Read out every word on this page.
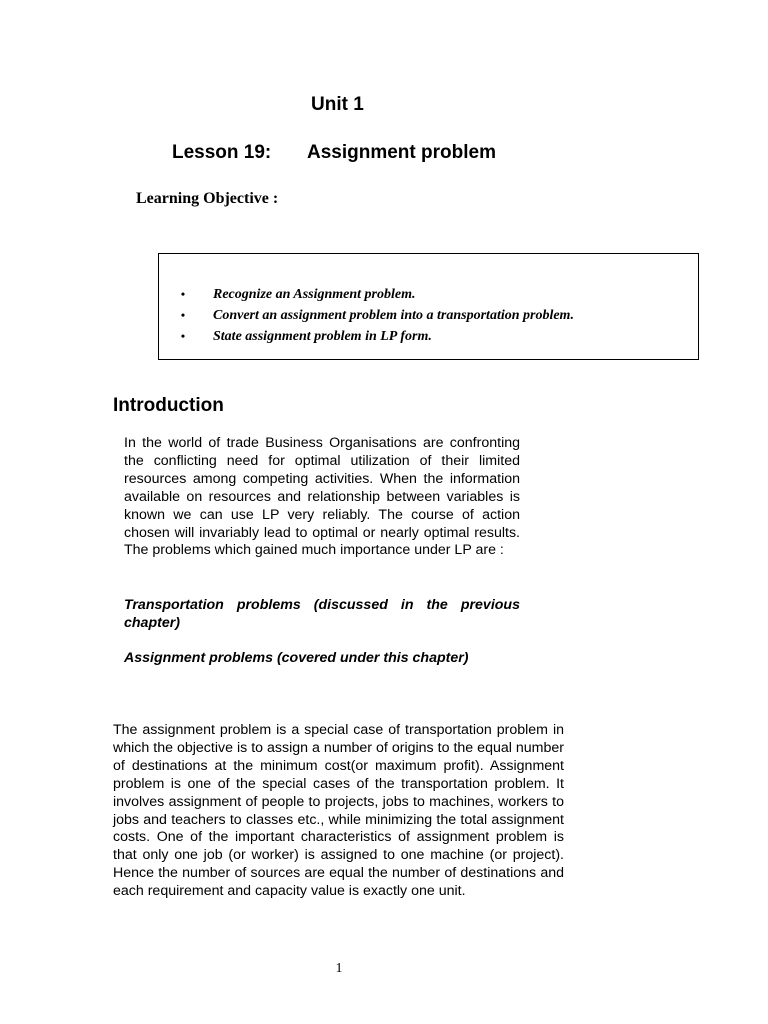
Unit 1
Lesson 19: Assignment problem
Learning Objective :
• Recognize an Assignment problem.
• Convert an assignment problem into a transportation problem.
• State assignment problem in LP form.
Introduction

In the world of trade Business Organisations are confronting the conflicting need for optimal utilization of their limited resources among competing activities. When the information available on resources and relationship between variables is known we can use LP very reliably. The course of action chosen will invariably lead to optimal or nearly optimal results. The problems which gained much importance under LP are :

Transportation problems (discussed in the previous chapter)

Assignment problems (covered under this chapter)

The assignment problem is a special case of transportation problem in which the objective is to assign a number of origins to the equal number of destinations at the minimum cost(or maximum profit). Assignment problem is one of the special cases of the transportation problem. It involves assignment of people to projects, jobs to machines, workers to jobs and teachers to classes etc., while minimizing the total assignment costs. One of the important characteristics of assignment problem is that only one job (or worker) is assigned to one machine (or project). Hence the number of sources are equal the number of destinations and each requirement and capacity value is exactly one unit.

1
